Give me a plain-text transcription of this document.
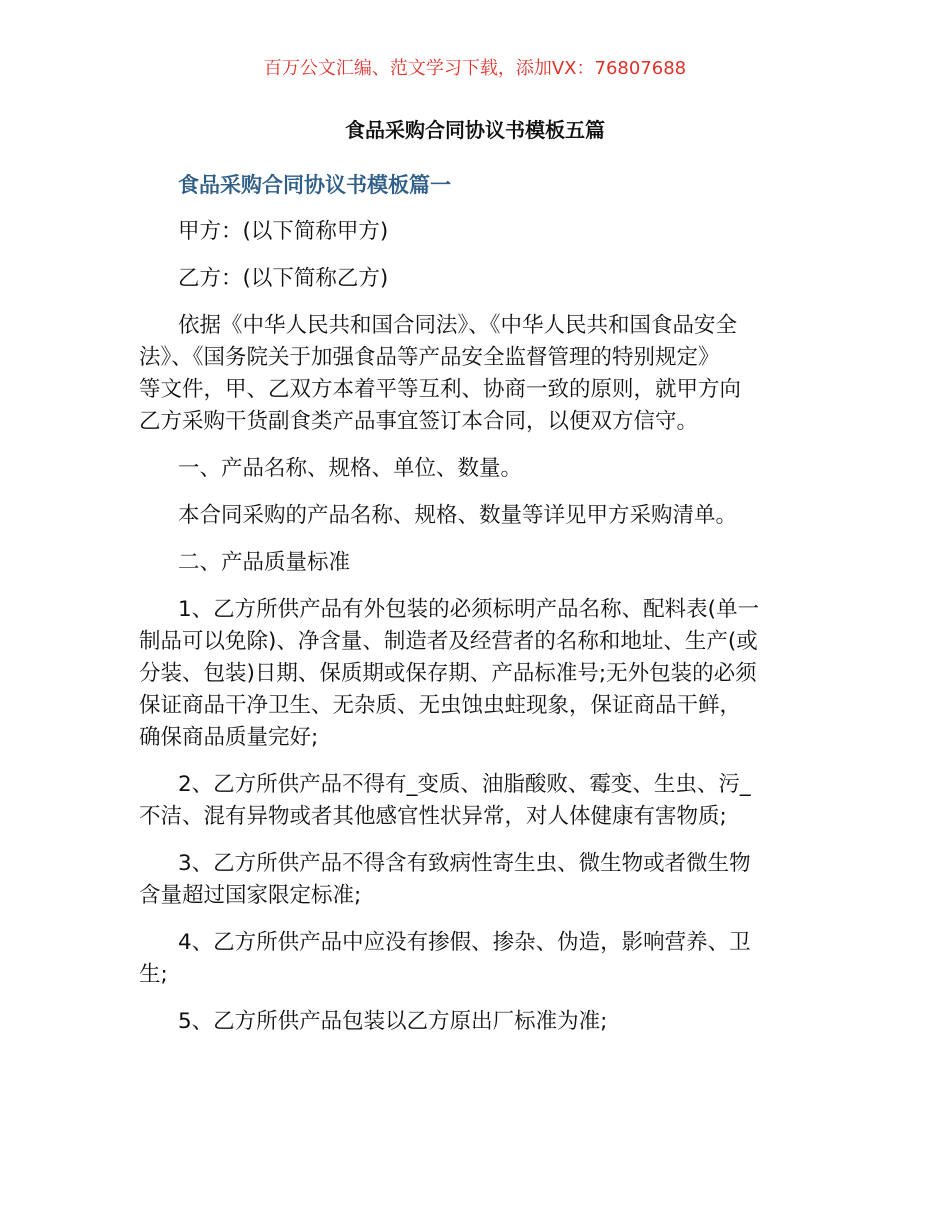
百万公文汇编、范文学习下载，添加VX：76807688
食品采购合同协议书模板五篇
食品采购合同协议书模板篇一

甲方：(以下简称甲方)

乙方：(以下简称乙方)

依据《中华人民共和国合同法》、《中华人民共和国食品安全
法》、《国务院关于加强食品等产品安全监督管理的特别规定》
等文件，甲、乙双方本着平等互利、协商一致的原则，就甲方向
乙方采购干货副食类产品事宜签订本合同，以便双方信守。

一、产品名称、规格、单位、数量。

本合同采购的产品名称、规格、数量等详见甲方采购清单。

二、产品质量标准

1、乙方所供产品有外包装的必须标明产品名称、配料表(单一
制品可以免除)、净含量、制造者及经营者的名称和地址、生产(或
分装、包装)日期、保质期或保存期、产品标准号;无外包装的必须
保证商品干净卫生、无杂质、无虫蚀虫蛀现象，保证商品干鲜，
确保商品质量完好;

2、乙方所供产品不得有_变质、油脂酸败、霉变、生虫、污_
不洁、混有异物或者其他感官性状异常，对人体健康有害物质;

3、乙方所供产品不得含有致病性寄生虫、微生物或者微生物
含量超过国家限定标准;

4、乙方所供产品中应没有掺假、掺杂、伪造，影响营养、卫
生;

5、乙方所供产品包装以乙方原出厂标准为准;
